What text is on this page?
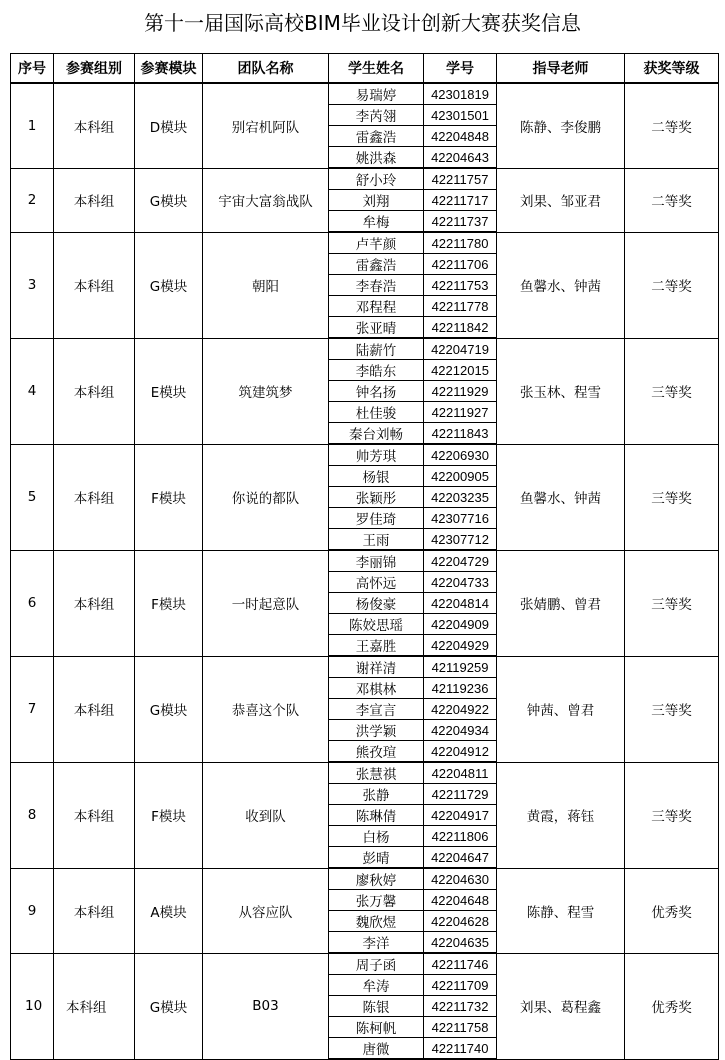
第十一届国际高校BIM毕业设计创新大赛获奖信息
序号	参赛组别	参赛模块	团队名称	学生姓名	学号	指导老师	获奖等级
1	本科组	D模块	别宕机阿队	易瑞婷	42301819	陈静、李俊鹏	二等奖
				李芮翎	42301501		
				雷鑫浩	42204848		
				姚洪森	42204643		
2	本科组	G模块	宇宙大富翁战队	舒小玲	42211757	刘果、邹亚君	二等奖
				刘翔	42211717		
				牟梅	42211737		
3	本科组	G模块	朝阳	卢芊颜	42211780	鱼馨水、钟茜	二等奖
				雷鑫浩	42211706		
				李春浩	42211753		
				邓程程	42211778		
				张亚晴	42211842		
4	本科组	E模块	筑建筑梦	陆薪竹	42204719	张玉林、程雪	三等奖
				李皓东	42212015		
				钟名扬	42211929		
				杜佳骏	42211927		
				秦台刘畅	42211843		
5	本科组	F模块	你说的都队	帅芳琪	42206930	鱼馨水、钟茜	三等奖
				杨银	42200905		
				张颖彤	42203235		
				罗佳琦	42307716		
				王雨	42307712		
6	本科组	F模块	一时起意队	李丽锦	42204729	张婧鹏、曾君	三等奖
				高怀远	42204733		
				杨俊豪	42204814		
				陈姣思瑶	42204909		
				王嘉胜	42204929		
7	本科组	G模块	恭喜这个队	谢祥清	42119259	钟茜、曾君	三等奖
				邓棋林	42119236		
				李宣言	42204922		
				洪学颖	42204934		
				熊孜瑄	42204912		
8	本科组	F模块	收到队	张慧祺	42204811	黄霞，蒋钰	三等奖
				张静	42211729		
				陈琳倩	42204917		
				白杨	42211806		
				彭晴	42204647		
9	本科组	A模块	从容应队	廖秋婷	42204630	陈静、程雪	优秀奖
				张万馨	42204648		
				魏欣煜	42204628		
				李洋	42204635		
10	本科组	G模块	B03	周子函	42211746	刘果、葛程鑫	优秀奖
				牟涛	42211709		
				陈银	42211732		
				陈柯帆	42211758		
				唐微	42211740		
